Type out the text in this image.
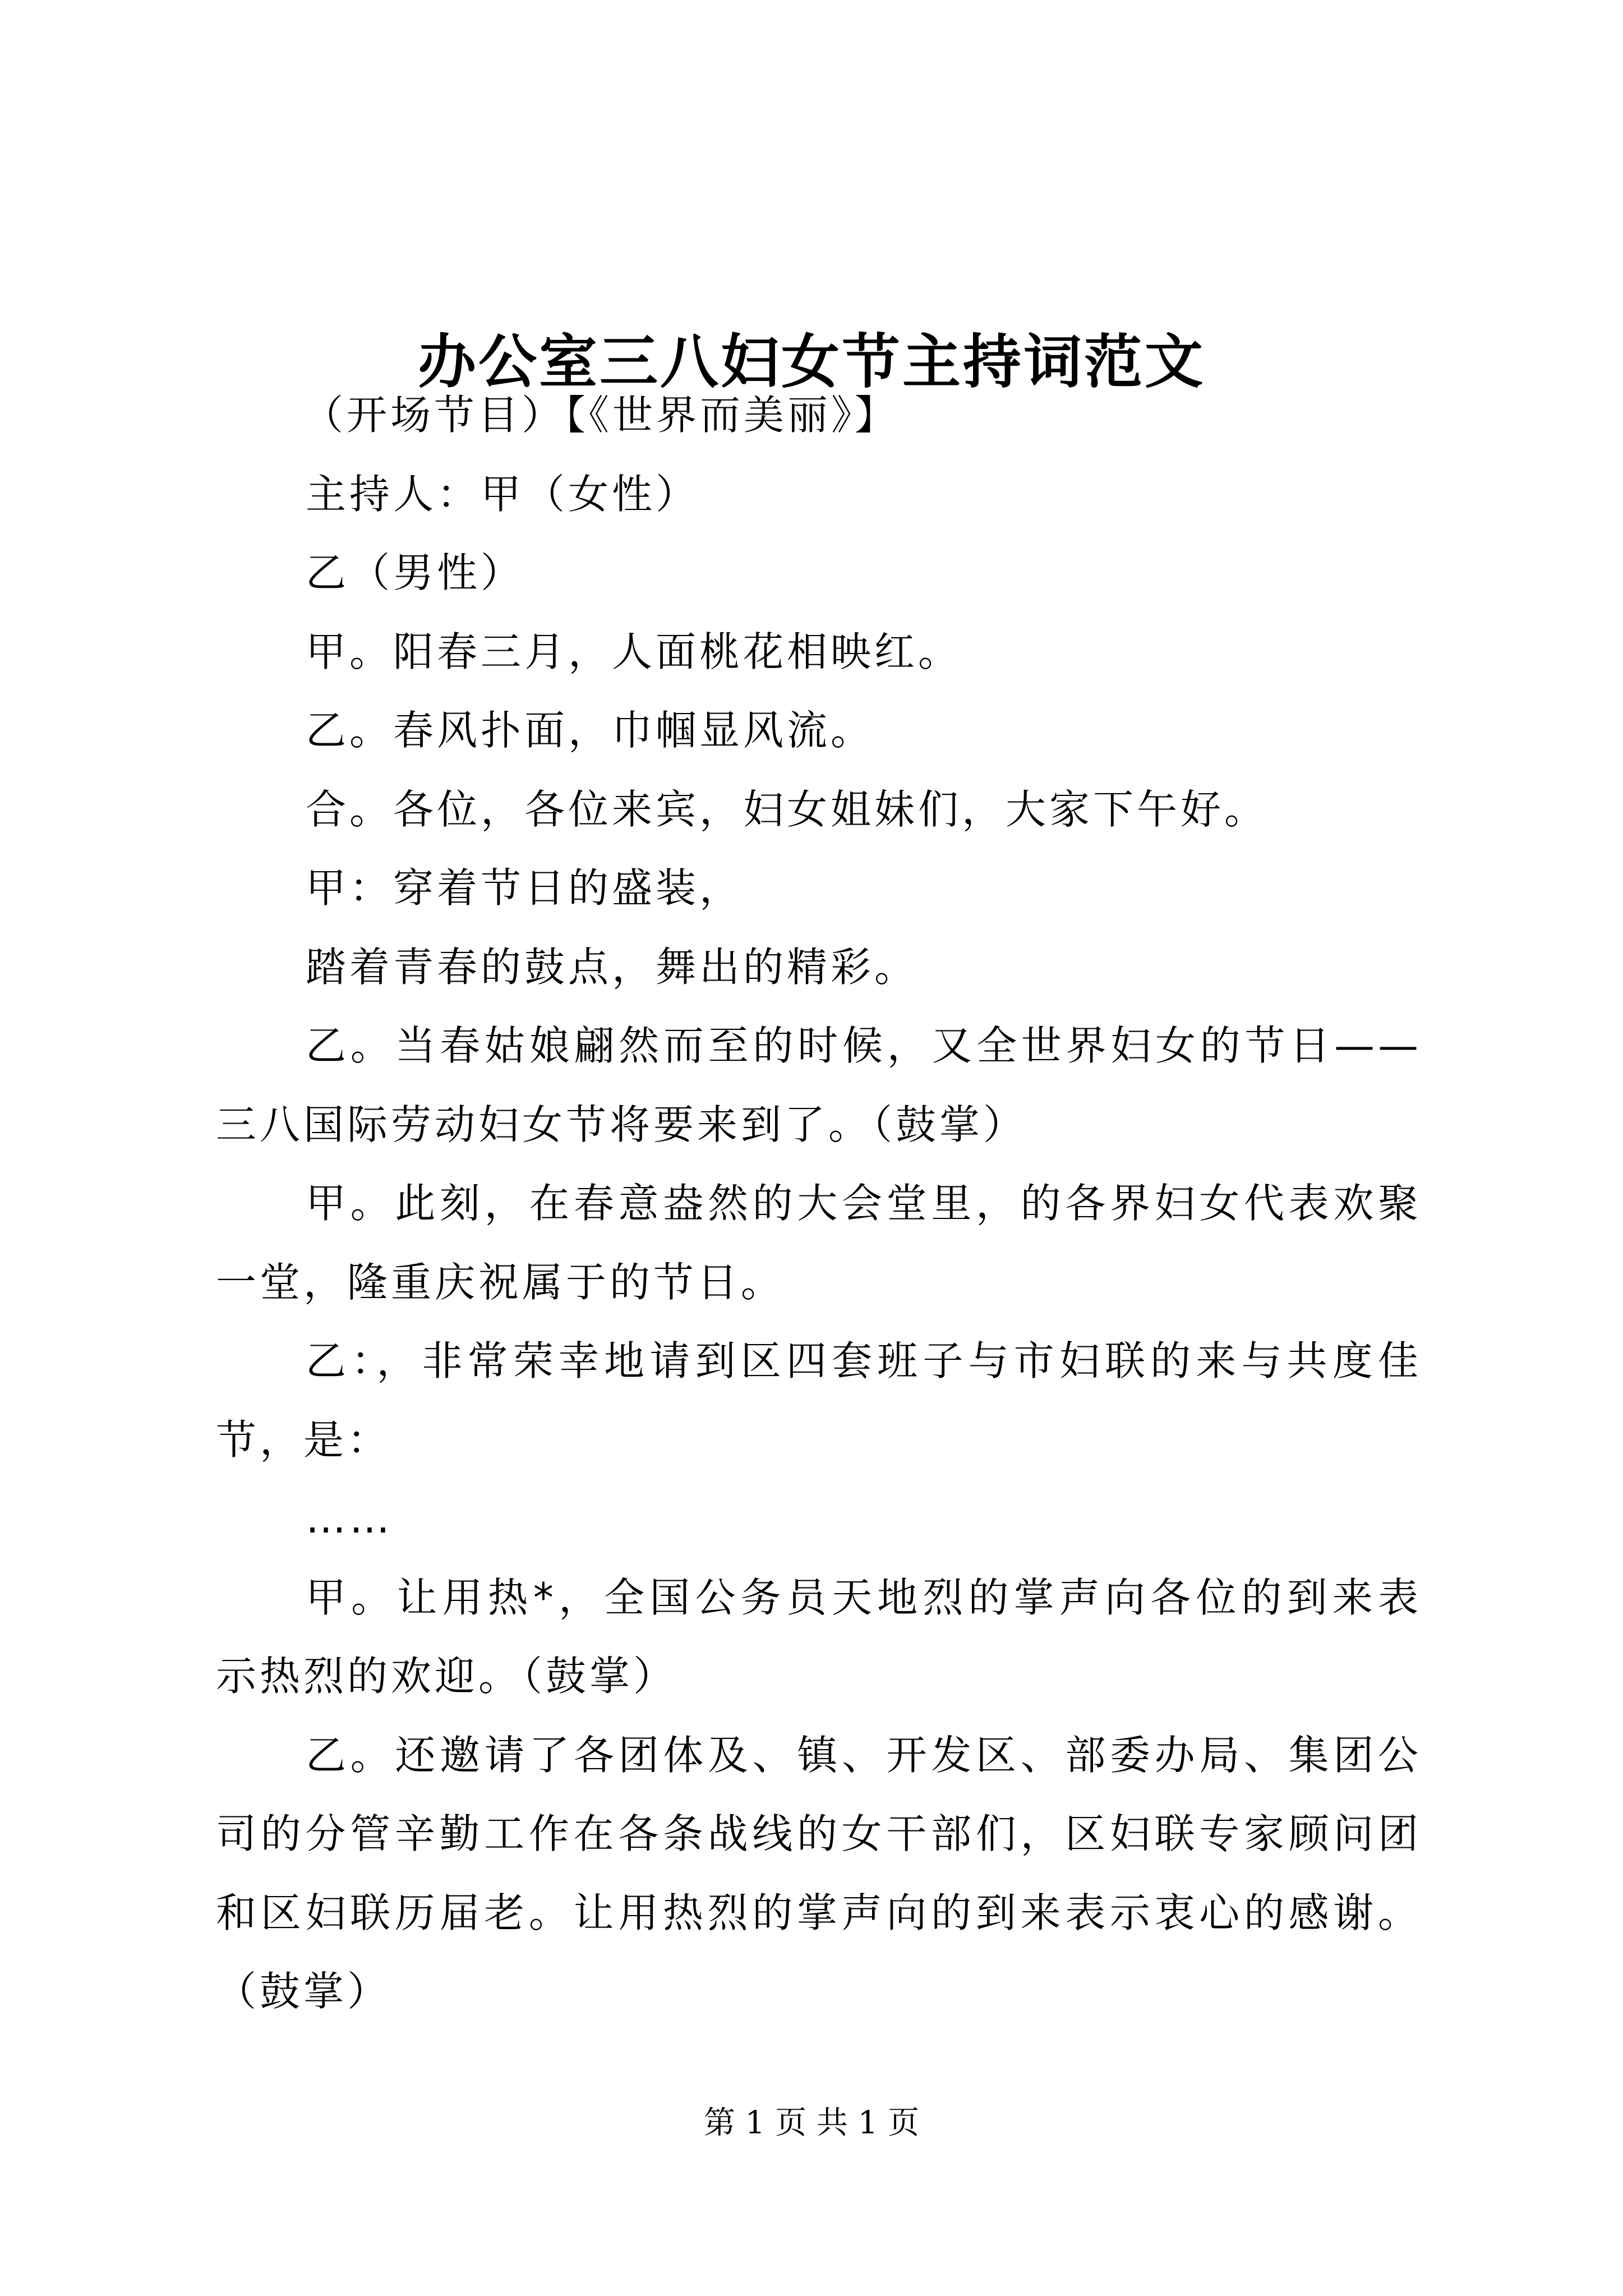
办公室三八妇女节主持词范文

（开场节目）【《世界而美丽》】

主持人：甲（女性）

乙（男性）

甲。阳春三月，人面桃花相映红。

乙。春风扑面，巾帼显风流。

合。各位，各位来宾，妇女姐妹们，大家下午好。

甲：穿着节日的盛装，

踏着青春的鼓点，舞出的精彩。

乙。当春姑娘翩然而至的时候，又全世界妇女的节日——三八国际劳动妇女节将要来到了。（鼓掌）

甲。此刻，在春意盎然的大会堂里，的各界妇女代表欢聚一堂，隆重庆祝属于的节日。

乙：，非常荣幸地请到区四套班子与市妇联的来与共度佳节，是：

……

甲。让用热*，全国公务员天地烈的掌声向各位的到来表示热烈的欢迎。（鼓掌）

乙。还邀请了各团体及、镇、开发区、部委办局、集团公司的分管辛勤工作在各条战线的女干部们，区妇联专家顾问团和区妇联历届老。让用热烈的掌声向的到来表示衷心的感谢。（鼓掌）

第 1 页 共 1 页
